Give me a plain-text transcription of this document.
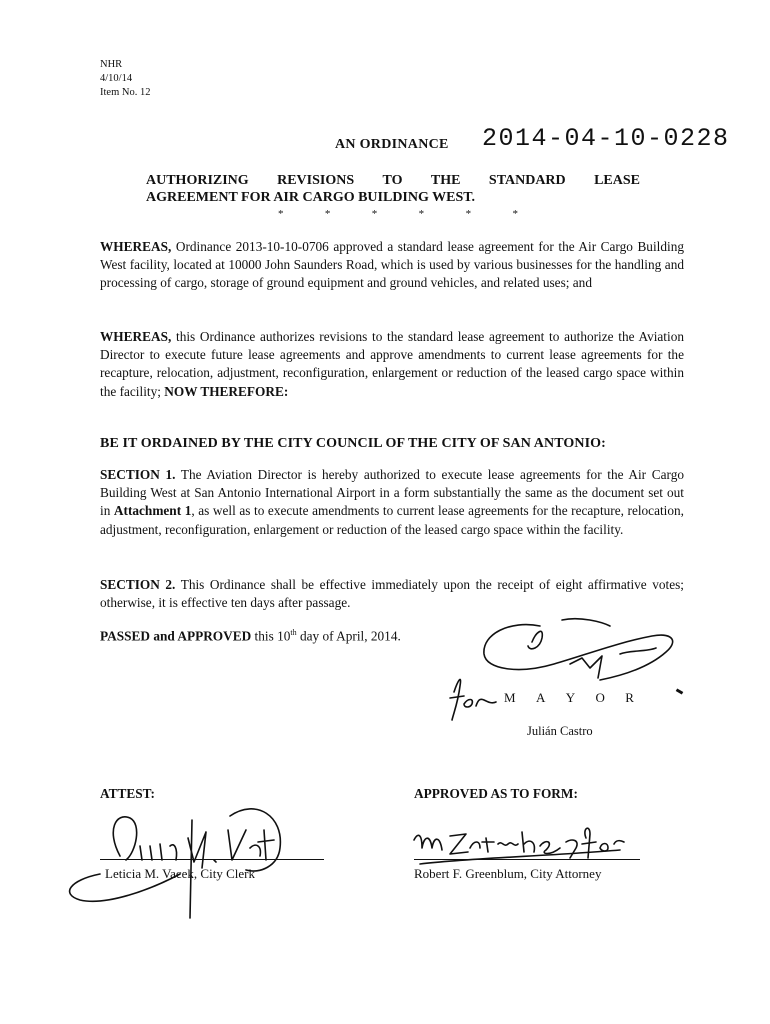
NHR
4/10/14
Item No. 12
AN ORDINANCE 2014-04-10-0228
AUTHORIZING REVISIONS TO THE STANDARD LEASE
AGREEMENT FOR AIR CARGO BUILDING WEST.
*	*	*	*	*	*
WHEREAS, Ordinance 2013-10-10-0706 approved a standard lease agreement for the Air Cargo Building West facility, located at 10000 John Saunders Road, which is used by various businesses for the handling and processing of cargo, storage of ground equipment and ground vehicles, and related uses; and
WHEREAS, this Ordinance authorizes revisions to the standard lease agreement to authorize the Aviation Director to execute future lease agreements and approve amendments to current lease agreements for the recapture, relocation, adjustment, reconfiguration, enlargement or reduction of the leased cargo space within the facility; NOW THEREFORE:
BE IT ORDAINED BY THE CITY COUNCIL OF THE CITY OF SAN ANTONIO:
SECTION 1. The Aviation Director is hereby authorized to execute lease agreements for the Air Cargo Building West at San Antonio International Airport in a form substantially the same as the document set out in Attachment 1, as well as to execute amendments to current lease agreements for the recapture, relocation, adjustment, reconfiguration, enlargement or reduction of the leased cargo space within the facility.
SECTION 2. This Ordinance shall be effective immediately upon the receipt of eight affirmative votes; otherwise, it is effective ten days after passage.
PASSED and APPROVED this 10th day of April, 2014.
M A Y O R
Julián Castro
ATTEST:
Leticia M. Vacek, City Clerk
APPROVED AS TO FORM:
Robert F. Greenblum, City Attorney
